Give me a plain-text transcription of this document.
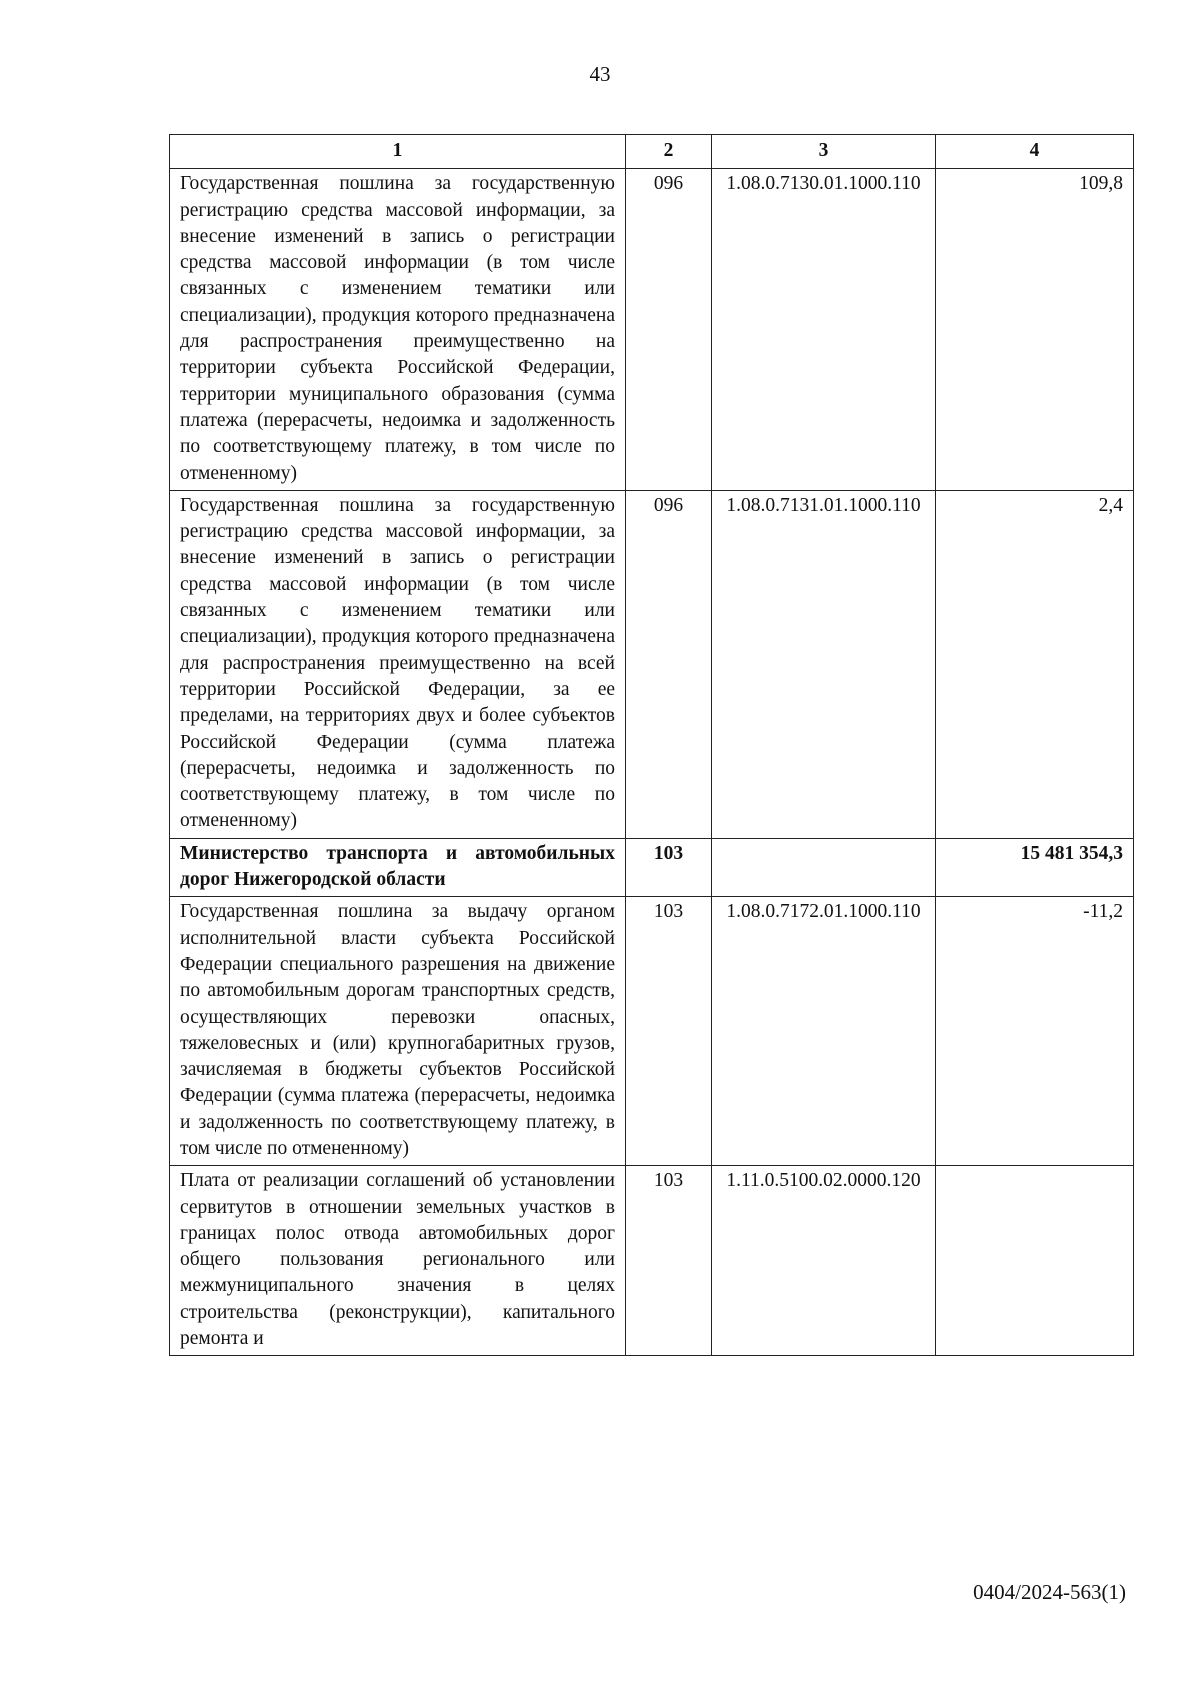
43
1	2	3	4
Государственная пошлина за государственную регистрацию средства массовой информации, за внесение изменений в запись о регистрации средства массовой информации (в том числе связанных с изменением тематики или специализации), продукция которого предназначена для распространения преимущественно на территории субъекта Российской Федерации, территории муниципального образования (сумма платежа (перерасчеты, недоимка и задолженность по соответствующему платежу, в том числе по отмененному)	096	1.08.0.7130.01.1000.110	109,8
Государственная пошлина за государственную регистрацию средства массовой информации, за внесение изменений в запись о регистрации средства массовой информации (в том числе связанных с изменением тематики или специализации), продукция которого предназначена для распространения преимущественно на всей территории Российской Федерации, за ее пределами, на территориях двух и более субъектов Российской Федерации (сумма платежа (перерасчеты, недоимка и задолженность по соответствующему платежу, в том числе по отмененному)	096	1.08.0.7131.01.1000.110	2,4
Министерство транспорта и автомобильных дорог Нижегородской области	103		15 481 354,3
Государственная пошлина за выдачу органом исполнительной власти субъекта Российской Федерации специального разрешения на движение по автомобильным дорогам транспортных средств, осуществляющих перевозки опасных, тяжеловесных и (или) крупногабаритных грузов, зачисляемая в бюджеты субъектов Российской Федерации (сумма платежа (перерасчеты, недоимка и задолженность по соответствующему платежу, в том числе по отмененному)	103	1.08.0.7172.01.1000.110	-11,2
Плата от реализации соглашений об установлении сервитутов в отношении земельных участков в границах полос отвода автомобильных дорог общего пользования регионального или межмуниципального значения в целях строительства (реконструкции), капитального ремонта и	103	1.11.0.5100.02.0000.120	
0404/2024-563(1)
